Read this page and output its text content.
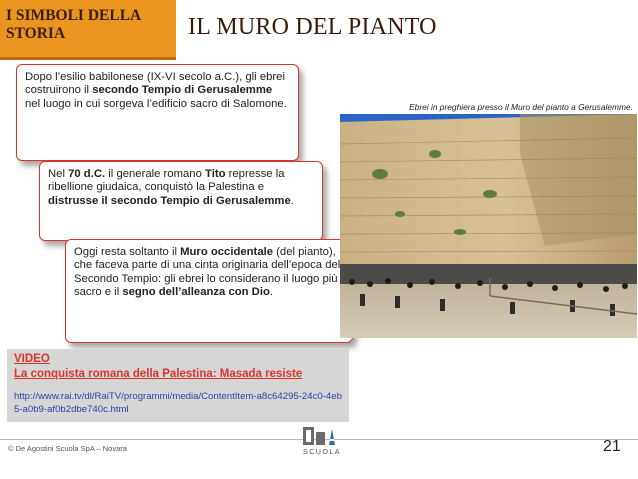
I SIMBOLI DELLA
STORIA	IL MURO DEL PIANTO
Dopo l’esilio babilonese (IX-VI secolo a.C.), gli ebrei costruirono il secondo Tempio di Gerusalemme nel luogo in cui sorgeva l’edificio sacro di Salomone.
Nel 70 d.C. il generale romano Tito represse la ribellione giudaica, conquistò la Palestina e distrusse il secondo Tempio di Gerusalemme.
Oggi resta soltanto il Muro occidentale (del pianto), che faceva parte di una cinta originaria dell’epoca del Secondo Tempio: gli ebrei lo considerano il luogo più sacro e il segno dell’alleanza con Dio.
Ebrei in preghiera presso il Muro del pianto a Gerusalemme.
VIDEO
La conquista romana della Palestina: Masada resiste
http://www.rai.tv/dl/RaiTV/programmi/media/ContentItem-a8c64295-24c0-4eb5-a0b9-af0b2dbe740c.html
© De Agostini Scuola SpA – Novara	SCUOLA	21
